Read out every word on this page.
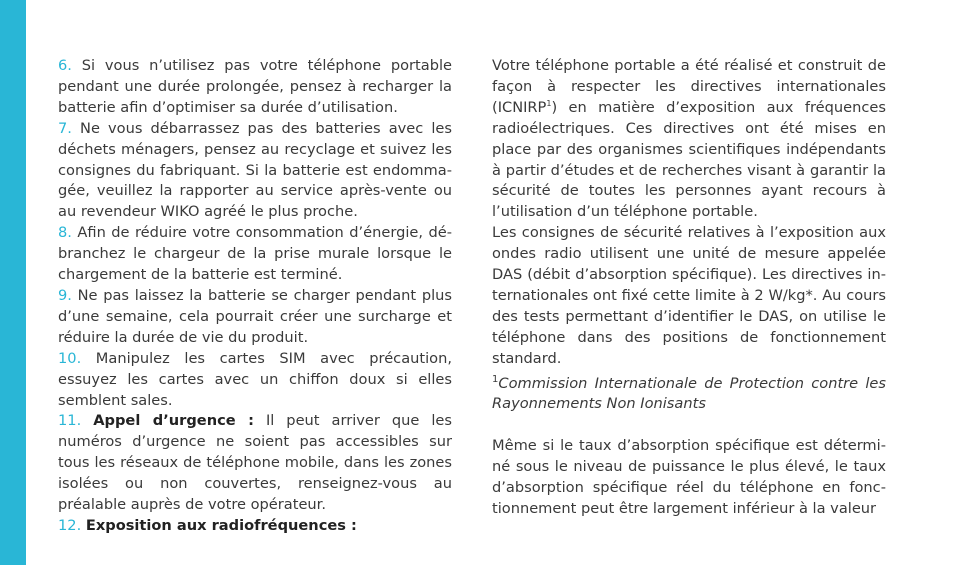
6. Si vous n’utilisez pas votre téléphone portable pendant une durée prolongée, pensez à recharger la batterie afin d’optimiser sa durée d’utilisation.

7. Ne vous débarrassez pas des batteries avec les déchets ménagers, pensez au recyclage et suivez les consignes du fabriquant. Si la batterie est endommagée, veuillez la rapporter au service après-vente ou au revendeur WIKO agréé le plus proche.

8. Afin de réduire votre consommation d’énergie, débranchez le chargeur de la prise murale lorsque le chargement de la batterie est terminé.

9. Ne pas laissez la batterie se charger pendant plus d’une semaine, cela pourrait créer une surcharge et réduire la durée de vie du produit.

10. Manipulez les cartes SIM avec précaution, essuyez les cartes avec un chiffon doux si elles semblent sales.

11. Appel d’urgence : Il peut arriver que les numéros d’urgence ne soient pas accessibles sur tous les réseaux de téléphone mobile, dans les zones isolées ou non couvertes, renseignez-vous au préalable auprès de votre opérateur.

12. Exposition aux radiofréquences :

Votre téléphone portable a été réalisé et construit de façon à respecter les directives internationales (ICNIRP$^1$) en matière d’exposition aux fréquences radioélectriques. Ces directives ont été mises en place par des organismes scientifiques indépendants à partir d’études et de recherches visant à garantir la sécurité de toutes les personnes ayant recours à l’utilisation d’un téléphone portable.

Les consignes de sécurité relatives à l’exposition aux ondes radio utilisent une unité de mesure appelée DAS (débit d’absorption spécifique). Les directives internationales ont fixé cette limite à 2 W/kg*. Au cours des tests permettant d’identifier le DAS, on utilise le téléphone dans des positions de fonctionnement standard.

$^1$Commission Internationale de Protection contre les Rayonnements Non Ionisants

Même si le taux d’absorption spécifique est déterminé sous le niveau de puissance le plus élevé, le taux d’absorption spécifique réel du téléphone en fonctionnement peut être largement inférieur à la valeur
